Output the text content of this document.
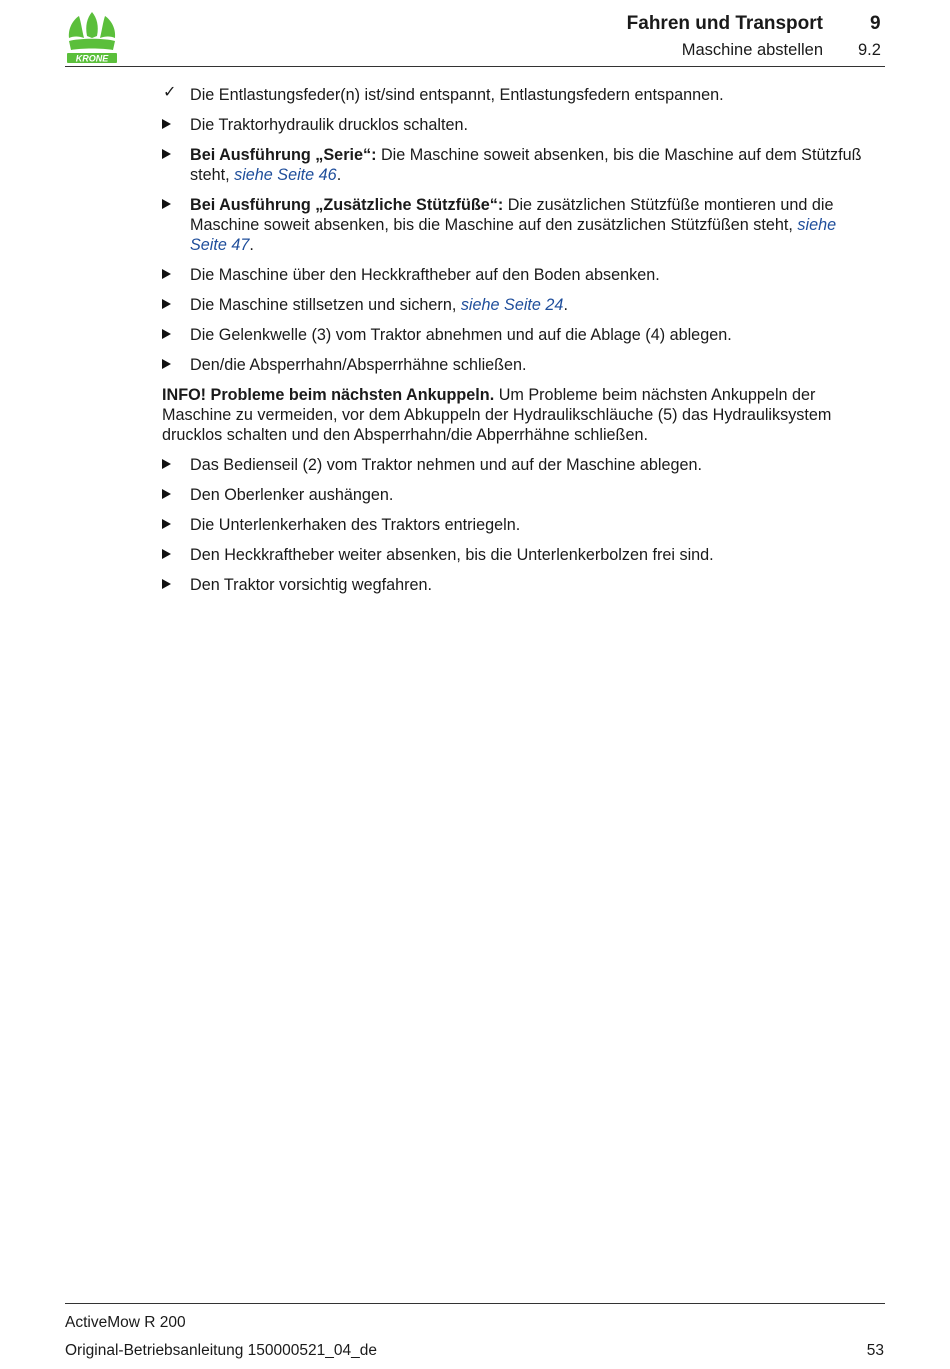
KRONE
Fahren und Transport 9
Maschine abstellen 9.2
✓ Die Entlastungsfeder(n) ist/sind entspannt, Entlastungsfedern entspannen.
Die Traktorhydraulik drucklos schalten.
Bei Ausführung „Serie“: Die Maschine soweit absenken, bis die Maschine auf dem Stützfuß steht, siehe Seite 46.
Bei Ausführung „Zusätzliche Stützfüße“: Die zusätzlichen Stützfüße montieren und die Maschine soweit absenken, bis die Maschine auf den zusätzlichen Stützfüßen steht, siehe Seite 47.
Die Maschine über den Heckkraftheber auf den Boden absenken.
Die Maschine stillsetzen und sichern, siehe Seite 24.
Die Gelenkwelle (3) vom Traktor abnehmen und auf die Ablage (4) ablegen.
Den/die Absperrhahn/Absperrhähne schließen.
INFO! Probleme beim nächsten Ankuppeln. Um Probleme beim nächsten Ankuppeln der Maschine zu vermeiden, vor dem Abkuppeln der Hydraulikschläuche (5) das Hydrauliksystem drucklos schalten und den Absperrhahn/die Abperrhähne schließen.
Das Bedienseil (2) vom Traktor nehmen und auf der Maschine ablegen.
Den Oberlenker aushängen.
Die Unterlenkerhaken des Traktors entriegeln.
Den Heckkraftheber weiter absenken, bis die Unterlenkerbolzen frei sind.
Den Traktor vorsichtig wegfahren.
ActiveMow R 200
Original-Betriebsanleitung 150000521_04_de	53
